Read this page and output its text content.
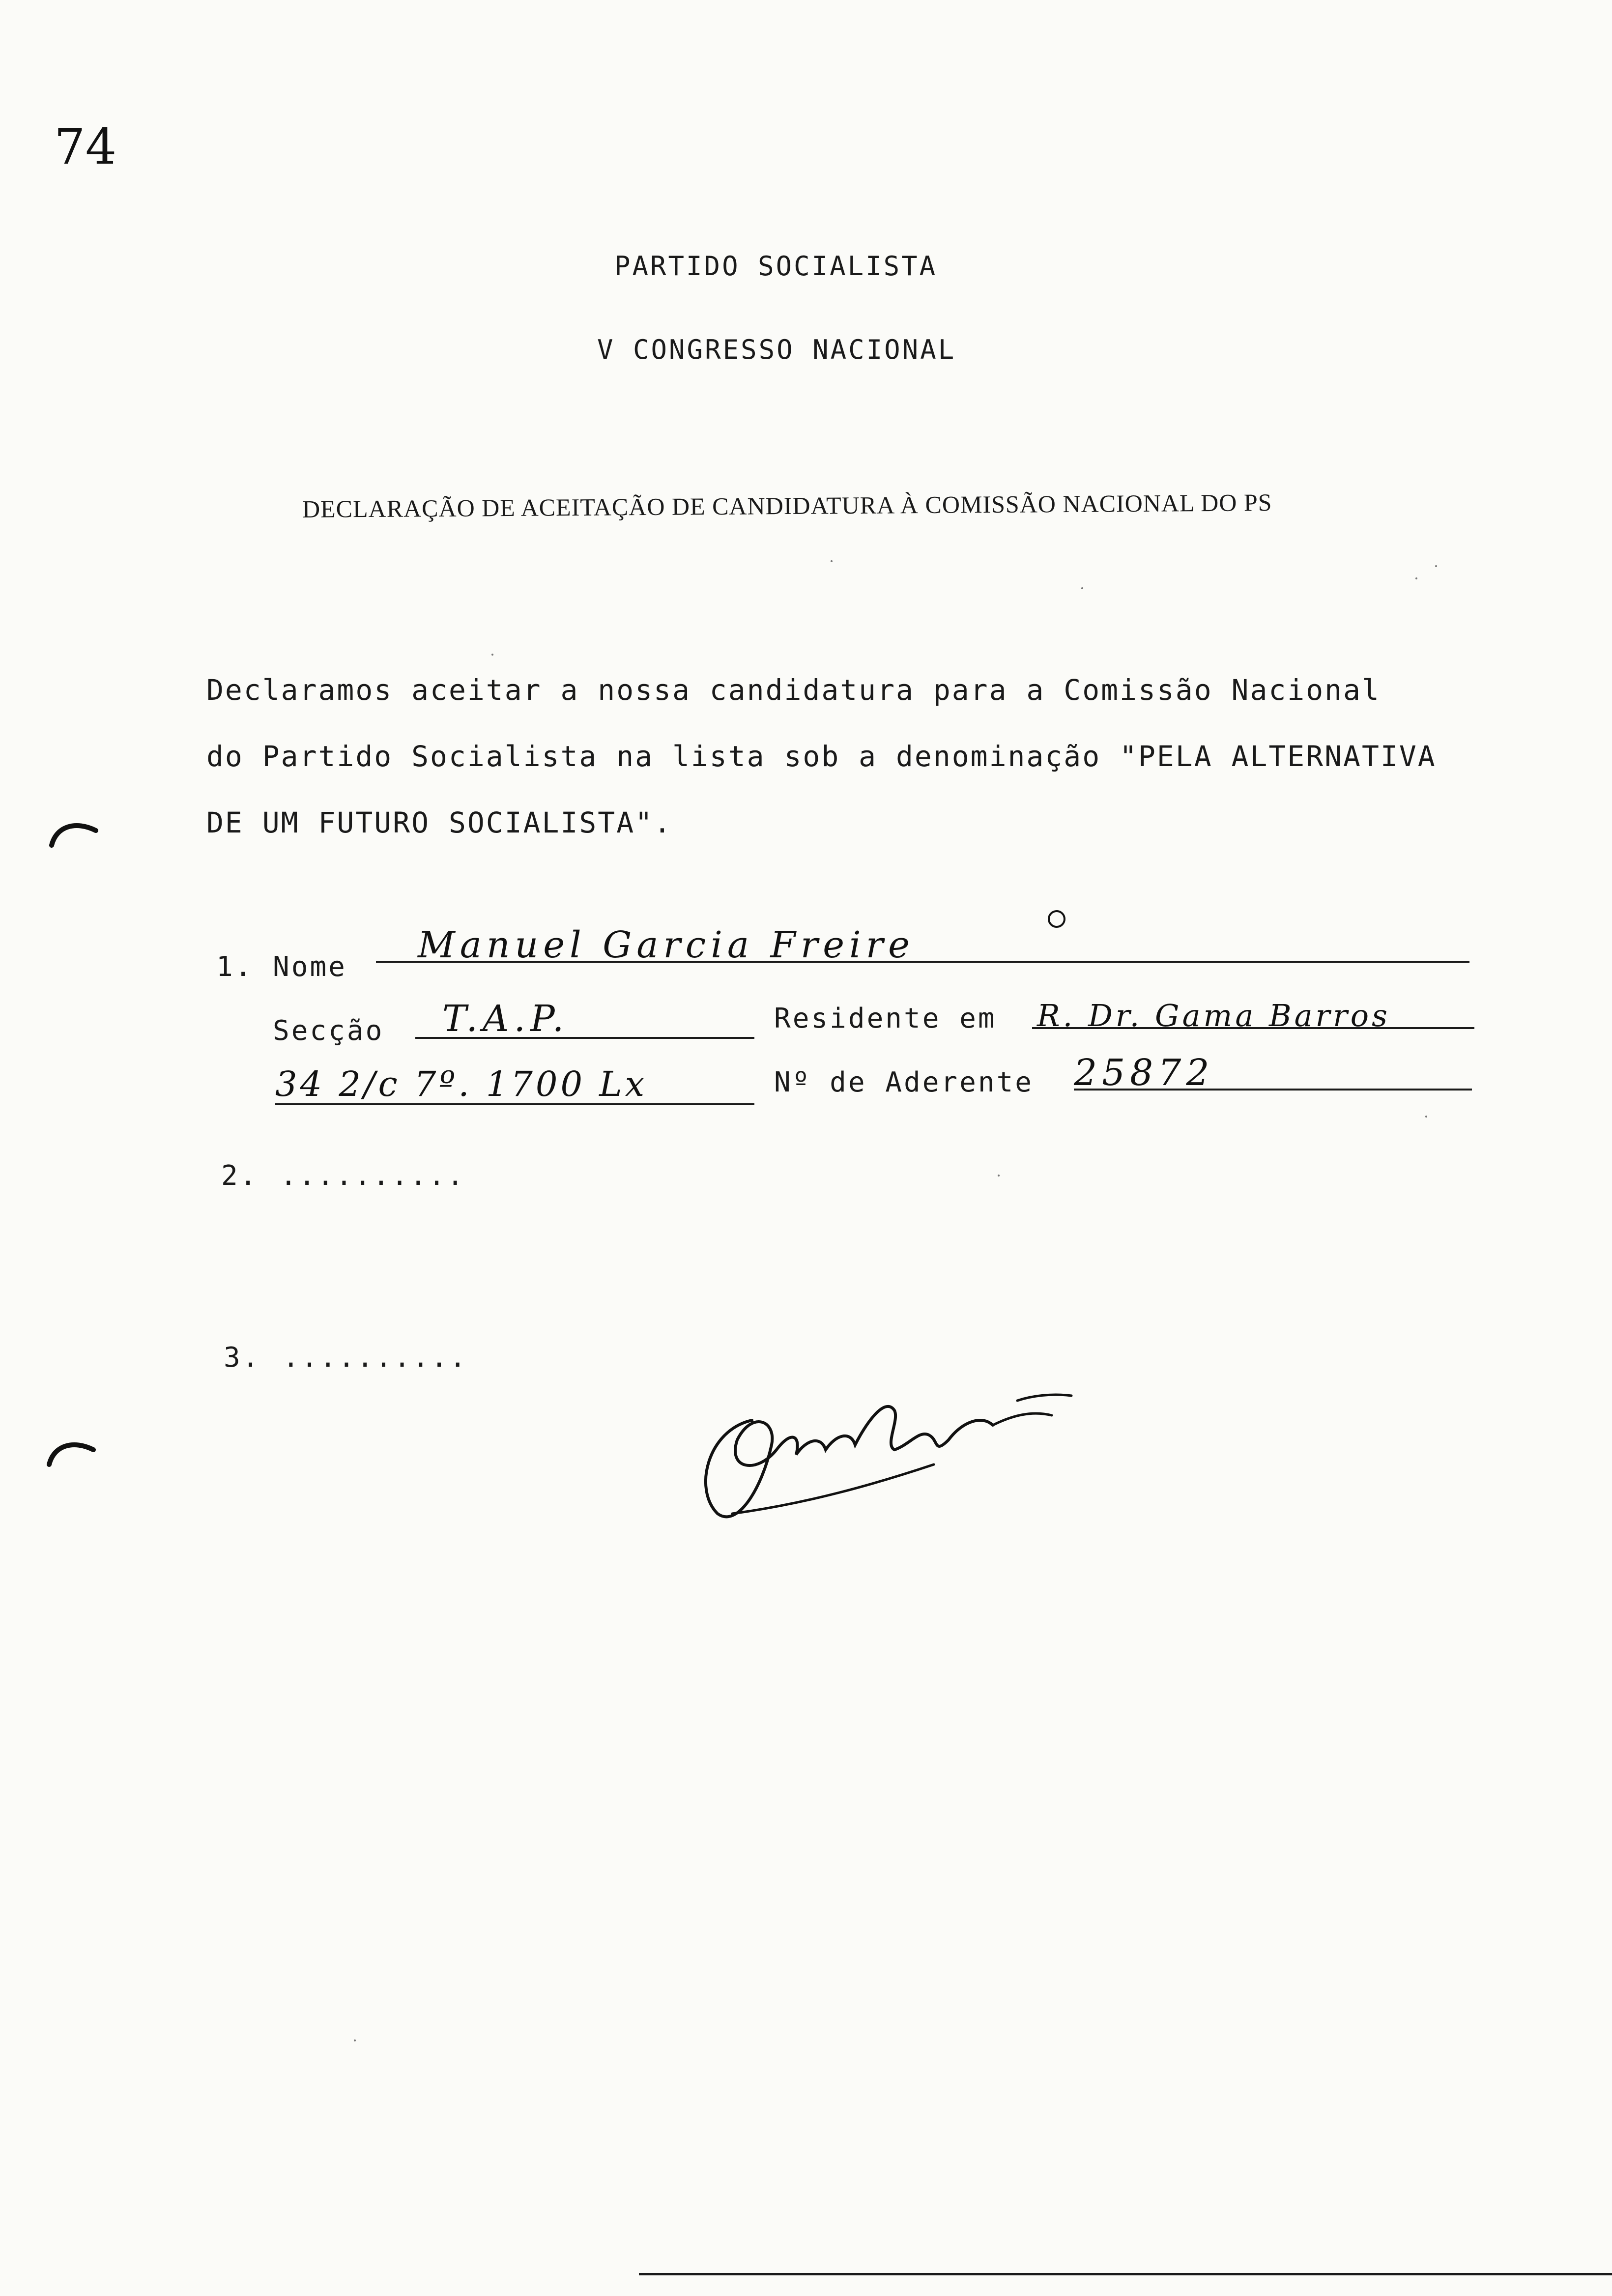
74
PARTIDO SOCIALISTA
V CONGRESSO NACIONAL
DECLARAÇÃO DE ACEITAÇÃO DE CANDIDATURA À COMISSÃO NACIONAL DO PS
Declaramos aceitar a nossa candidatura para a Comissão Nacional
do Partido Socialista na lista sob a denominação "PELA ALTERNATIVA
DE UM FUTURO SOCIALISTA".
1. Nome
Manuel Garcia Freire
Secção T.A.P.	Residente em R. Dr. Gama Barros
34 2/c 7º. 1700 Lx	Nº de Aderente 25872
2. ..........
3. ..........
